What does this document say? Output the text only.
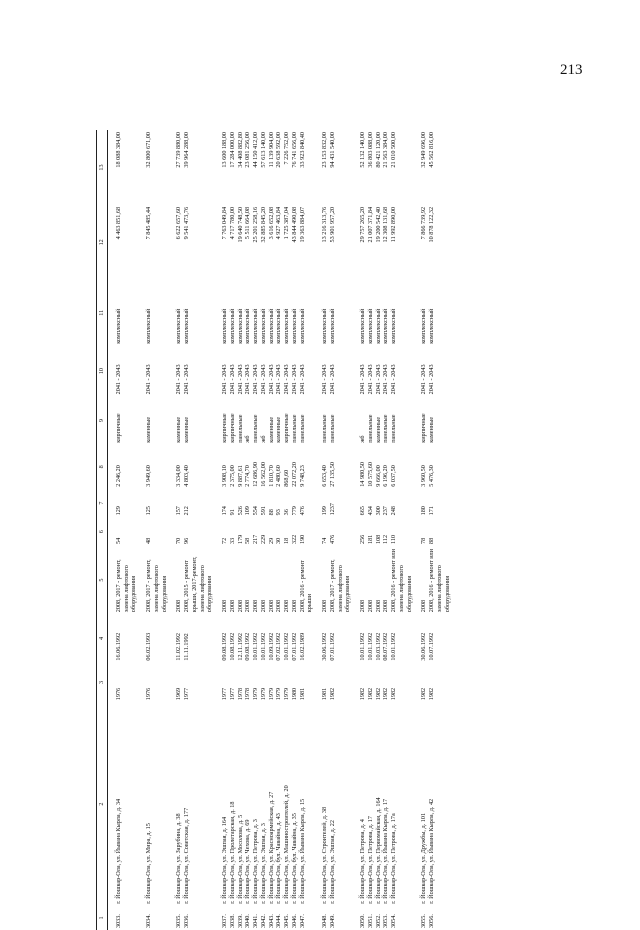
213
1	2	3	4	5	6	7	8	9	10	11	12	13

3033.	г. Йошкар-Ола, ул. Йывана Кырла, д. 34	1976	16.06.1992	2008, 2017 - ремонт, замена лифтового оборудования	54	129	2 246,20	кирпичные	2041 - 2043	комплексный	4 463 851,68	18 088 384,00

3034.	г. Йошкар-Ола, ул. Мира, д. 15	1976	06.02.1993	2008, 2017 - ремонт, замена лифтового оборудования	48	125	3 949,60	каменные	2041 - 2043	комплексный	7 845 485,44	32 800 671,00

3035.	г. Йошкар-Ола, ул. Зарубина, д. 38	1969	11.02.1992	2008	70	157	3 334,00	каменные	2041 - 2043	комплексный	6 622 657,60	27 739 880,00
3036.	г. Йошкар-Ола, ул. Советская, д. 177	1977	11.11.1992	2008, 2015 - ремонт крыши, 2017-ремонт, замена лифтового оборудования	96	212	4 803,40	каменные	2041 - 2043	комплексный	9 541 473,76	39 964 288,00

3037.	г. Йошкар-Ола, ул. Эшпая, д. 164	1977	09.08.1992	2008	72	174	3 908,10	кирпичные	2041 - 2043	комплексный	7 763 049,84	13 600 188,00
3038.	г. Йошкар-Ола, ул. Пролетарская, д. 18	1977	10.08.1992	2008	33	91	2 375,00	кирпичные	2041 - 2043	комплексный	4 717 780,00	17 284 000,00
3039.	г. Йошкар-Ола, ул. Мосолова, д. 5	1978	12.11.1992	2008	179	526	9 887,61	панельные	2041 - 2043	комплексный	19 640 748,50	34 408 882,80
3040.	г. Йошкар-Ола, ул. Чехова, д. 69	1978	09.08.1992	2008	58	109	2 774,70	жб	2041 - 2043	комплексный	5 511 664,08	23 081 256,00
3041.	г. Йошкар-Ола, ул. Петрова, д. 3	1979	10.01.1992	2008	217	554	12 686,90	панельные	2041 - 2043	комплексный	25 201 258,16	44 150 412,00
3042.	г. Йошкар-Ола, ул. Эшпая, д. 3	1979	10.01.1992	2008	229	591	16 562,00	жб	2041 - 2043	комплексный	32 885 845,20	57 613 140,00
3043.	г. Йошкар-Ола, ул. Красноармейская, д. 27	1979	10.09.1992	2008	29	88	1 810,70	каменные	2041 - 2043	комплексный	3 616 652,08	11 139 904,00
3044.	г. Йошкар-Ола, бул. Чавайна, д. 43	1979	07.02.1992	2008	30	93	2 480,60	каменные	2041 - 2043	комплексный	4 927 463,84	20 638 592,00
3045.	г. Йошкар-Ола, ул. Машиностроителей, д. 20	1979	10.01.1992	2008	18	36	868,60	кирпичные	2041 - 2043	комплексный	1 725 387,04	7 226 752,00
3046.	г. Йошкар-Ола, бул. Чавайна, д. 35	1980	07.01.1992	2008	322	779	22 072,20	панельные	2041 - 2043	комплексный	43 844 490,08	76 741 656,00
3047.	г. Йошкар-Ола, ул. Йывана Кырла, д. 15	1981	16.02.1989	2008, 2016 - ремонт крыши	190	476	9 748,23	панельные	2041 - 2043	комплексный	19 363 884,07	33 923 840,40

3048.	г. Йошкар-Ола, ул. Строителей, д. 38	1981	30.06.1992	2008	74	199	6 653,40	панельные	2041 - 2043	комплексный	13 216 313,76	23 153 832,00
3049.	г. Йошкар-Ола, ул. Эшпая, д. 22	1982	07.01.1992	2008, 2017 - ремонт, замена лифтового оборудования	476	1237	27 135,50	панельные	2041 - 2043	комплексный	53 901 957,20	94 431 540,00

3050.	г. Йошкар-Ола, ул. Петрова, д. 4	1982	10.01.1992	2008	256	665	14 980,50	жб	2041 - 2043	комплексный	29 757 265,20	52 132 140,00
3051.	г. Йошкар-Ола, ул. Петрова, д. 17	1982	10.01.1992	2008	181	434	10 575,60	панельные	2041 - 2043	комплексный	21 007 371,84	36 803 088,00
3052.	г. Йошкар-Ола, ул. Первомайская, д. 164	1982	10.03.1992	2008	108	300	9 666,00	каменные	2041 - 2043	комплексный	19 200 542,40	80 421 120,00
3053.	г. Йошкар-Ола, ул. Йывана Кырла, д. 17	1982	08.07.1992	2008	112	237	6 196,20	панельные	2041 - 2043	комплексный	12 308 131,68	21 563 384,00
3054.	г. Йошкар-Ола, ул. Петрова, д. 17а	1982	10.01.1992	2008, 2016 - ремонт или замена лифтового оборудования	110	248	6 037,50	панельные	2041 - 2043	комплексный	11 992 890,00	21 010 500,00

3055.	г. Йошкар-Ола, ул. Дружбы, д. 101	1982	30.06.1992	2008	78	180	3 960,50	кирпичные	2041 - 2043	комплексный	7 866 739,92	32 949 696,00
3056.	г. Йошкар-Ола, ул. Йывана Кырла, д. 42	1982	10.07.1992	2008, 2016 - ремонт или замена лифтового оборудования	88	171	5 476,30	каменные	2041 - 2043	комплексный	10 878 122,32	45 562 816,00
